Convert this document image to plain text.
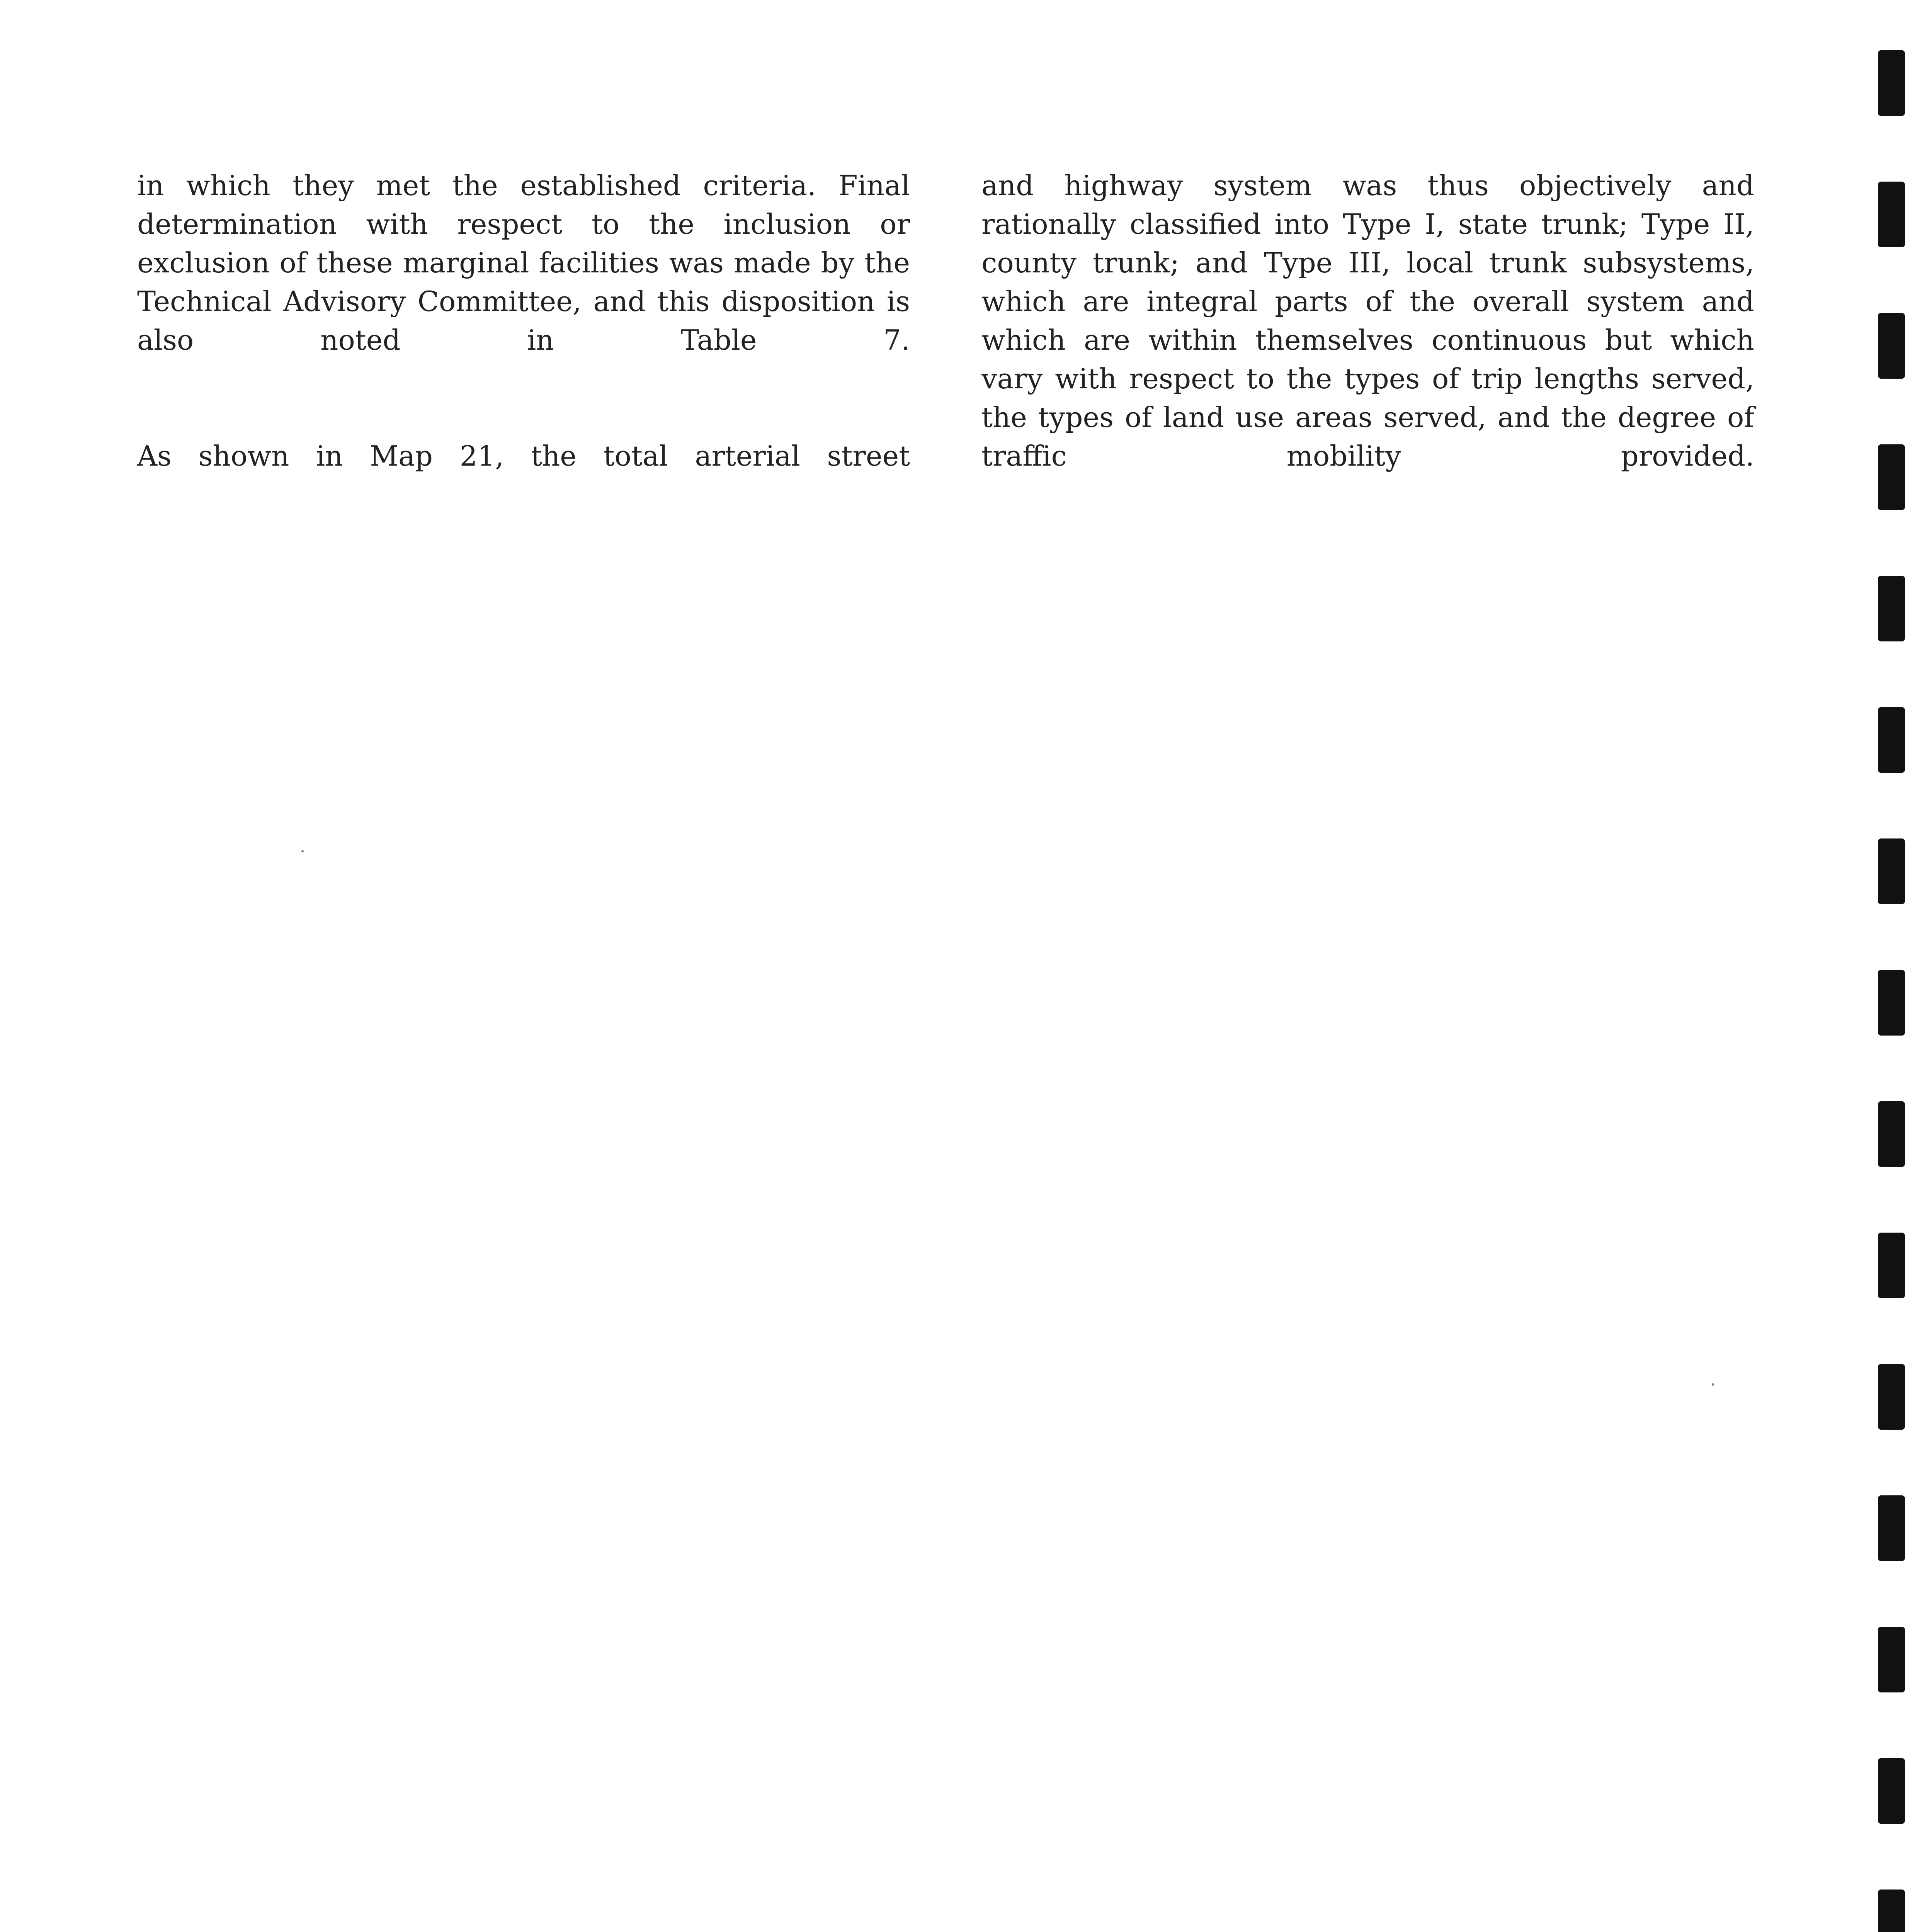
in which they met the established criteria. Final determination with respect to the inclusion or exclusion of these marginal facilities was made by the Technical Advisory Committee, and this disposition is also noted in Table 7.

As shown in Map 21, the total arterial street

and highway system was thus objectively and rationally classified into Type I, state trunk; Type II, county trunk; and Type III, local trunk subsystems, which are integral parts of the overall system and which are within themselves continuous but which vary with respect to the types of trip lengths served, the types of land use areas served, and the degree of traffic mobility provided.
